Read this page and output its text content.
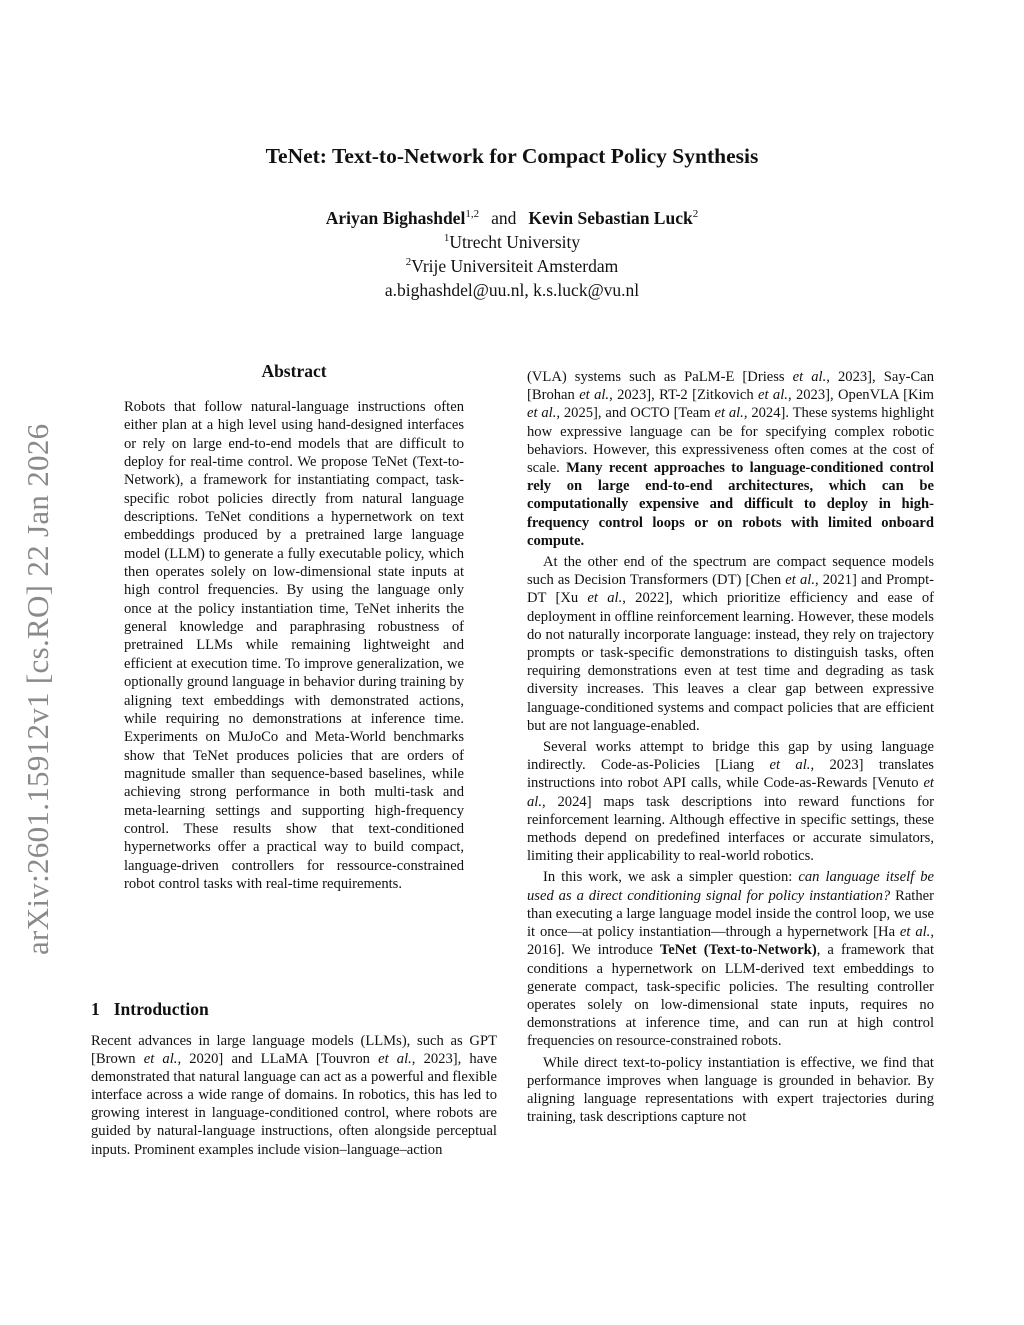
arXiv:2601.15912v1 [cs.RO] 22 Jan 2026
TeNet: Text-to-Network for Compact Policy Synthesis
Ariyan Bighashdel$^{1,2}$ and Kevin Sebastian Luck$^2$
$^1$Utrecht University
$^2$Vrije Universiteit Amsterdam
a.bighashdel@uu.nl, k.s.luck@vu.nl
Abstract

Robots that follow natural-language instructions often either plan at a high level using hand-designed interfaces or rely on large end-to-end models that are difficult to deploy for real-time control. We propose TeNet (Text-to-Network), a framework for instantiating compact, task-specific robot policies directly from natural language descriptions. TeNet conditions a hypernetwork on text embeddings produced by a pretrained large language model (LLM) to generate a fully executable policy, which then operates solely on low-dimensional state inputs at high control frequencies. By using the language only once at the policy instantiation time, TeNet inherits the general knowledge and paraphrasing robustness of pretrained LLMs while remaining lightweight and efficient at execution time. To improve generalization, we optionally ground language in behavior during training by aligning text embeddings with demonstrated actions, while requiring no demonstrations at inference time. Experiments on MuJoCo and Meta-World benchmarks show that TeNet produces policies that are orders of magnitude smaller than sequence-based baselines, while achieving strong performance in both multi-task and meta-learning settings and supporting high-frequency control. These results show that text-conditioned hypernetworks offer a practical way to build compact, language-driven controllers for ressource-constrained robot control tasks with real-time requirements.

1 Introduction

Recent advances in large language models (LLMs), such as GPT [Brown et al., 2020] and LLaMA [Touvron et al., 2023], have demonstrated that natural language can act as a powerful and flexible interface across a wide range of domains. In robotics, this has led to growing interest in language-conditioned control, where robots are guided by natural-language instructions, often alongside perceptual inputs. Prominent examples include vision–language–action

(VLA) systems such as PaLM-E [Driess et al., 2023], Say-Can [Brohan et al., 2023], RT-2 [Zitkovich et al., 2023], OpenVLA [Kim et al., 2025], and OCTO [Team et al., 2024]. These systems highlight how expressive language can be for specifying complex robotic behaviors. However, this expressiveness often comes at the cost of scale. Many recent approaches to language-conditioned control rely on large end-to-end architectures, which can be computationally expensive and difficult to deploy in high-frequency control loops or on robots with limited onboard compute.

At the other end of the spectrum are compact sequence models such as Decision Transformers (DT) [Chen et al., 2021] and Prompt-DT [Xu et al., 2022], which prioritize efficiency and ease of deployment in offline reinforcement learning. However, these models do not naturally incorporate language: instead, they rely on trajectory prompts or task-specific demonstrations to distinguish tasks, often requiring demonstrations even at test time and degrading as task diversity increases. This leaves a clear gap between expressive language-conditioned systems and compact policies that are efficient but are not language-enabled.

Several works attempt to bridge this gap by using language indirectly. Code-as-Policies [Liang et al., 2023] translates instructions into robot API calls, while Code-as-Rewards [Venuto et al., 2024] maps task descriptions into reward functions for reinforcement learning. Although effective in specific settings, these methods depend on predefined interfaces or accurate simulators, limiting their applicability to real-world robotics.

In this work, we ask a simpler question: can language itself be used as a direct conditioning signal for policy instantiation? Rather than executing a large language model inside the control loop, we use it once—at policy instantiation—through a hypernetwork [Ha et al., 2016]. We introduce TeNet (Text-to-Network), a framework that conditions a hypernetwork on LLM-derived text embeddings to generate compact, task-specific policies. The resulting controller operates solely on low-dimensional state inputs, requires no demonstrations at inference time, and can run at high control frequencies on resource-constrained robots.

While direct text-to-policy instantiation is effective, we find that performance improves when language is grounded in behavior. By aligning language representations with expert trajectories during training, task descriptions capture not
